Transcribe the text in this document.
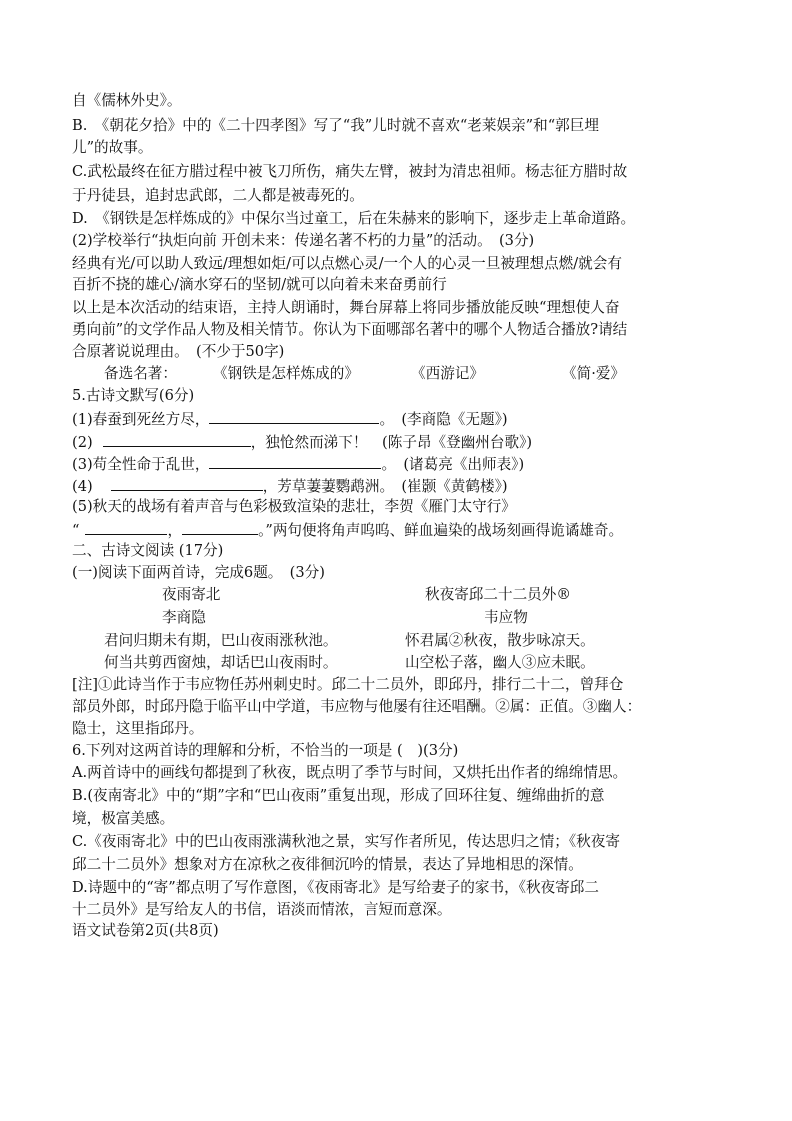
自《儒林外史》。
B.　《朝花夕拾》中的《二十四孝图》写了“我”儿时就不喜欢“老莱娱亲”和“郭巨埋
儿”的故事。
C.武松最终在征方腊过程中被飞刀所伤，痛失左臂，被封为清忠祖师。杨志征方腊时故
于丹徒县，追封忠武郎，二人都是被毒死的。
D.　《钢铁是怎样炼成的》中保尔当过童工，后在朱赫来的影响下，逐步走上革命道路。
(2)学校举行“执炬向前 开创未来：传递名著不朽的力量”的活动。　(3分)
经典有光/可以助人致远/理想如炬/可以点燃心灵/一个人的心灵一旦被理想点燃/就会有
百折不挠的雄心/滴水穿石的坚韧/就可以向着未来奋勇前行
以上是本次活动的结束语，主持人朗诵时，舞台屏幕上将同步播放能反映“理想使人奋
勇向前”的文学作品人物及相关情节。你认为下面哪部名著中的哪个人物适合播放?请结
合原著说说理由。　(不少于50字)
备选名著： 《钢铁是怎样炼成的》	《西游记》	《简·爱》
5.古诗文默写(6分)
(1)春蚕到死丝方尽，	。　(李商隐《无题》)
(2)	，独怆然而涕下！　(陈子昂《登幽州台歌》)
(3)苟全性命于乱世，	。　(诸葛亮《出师表》)
(4)	，芳草萋萋鹦鹉洲。　(崔颢《黄鹤楼》)
(5)秋天的战场有着声音与色彩极致渲染的悲壮，李贺《雁门太守行》
“	，	。”两句便将角声呜呜、鲜血遍染的战场刻画得诡谲雄奇。
二、古诗文阅读 (17分)
(一)阅读下面两首诗，完成6题。　(3分)
夜雨寄北	秋夜寄邱二十二员外®
李商隐	韦应物
君问归期未有期，巴山夜雨涨秋池。	怀君属②秋夜，散步咏凉天。
何当共剪西窗烛，却话巴山夜雨时。	山空松子落，幽人③应未眠。
[注]①此诗当作于韦应物任苏州刺史时。邱二十二员外，即邱丹，排行二十二，曾拜仓
部员外郎，时邱丹隐于临平山中学道，韦应物与他屡有往还唱酬。②属：正值。③幽人：
隐士，这里指邱丹。
6.下列对这两首诗的理解和分析，不恰当的一项是 (　)(3分)
A.两首诗中的画线句都提到了秋夜，既点明了季节与时间，又烘托出作者的绵绵情思。
B.(夜南寄北》中的“期”字和“巴山夜雨”重复出现，形成了回环往复、缠绵曲折的意
境，极富美感。
C.《夜雨寄北》中的巴山夜雨涨满秋池之景，实写作者所见，传达思归之情；《秋夜寄
邱二十二员外》想象对方在凉秋之夜徘徊沉吟的情景，表达了异地相思的深情。
D.诗题中的“寄”都点明了写作意图，《夜雨寄北》是写给妻子的家书，《秋夜寄邱二
十二员外》是写给友人的书信，语淡而情浓，言短而意深。
语文试卷第2页(共8页)
